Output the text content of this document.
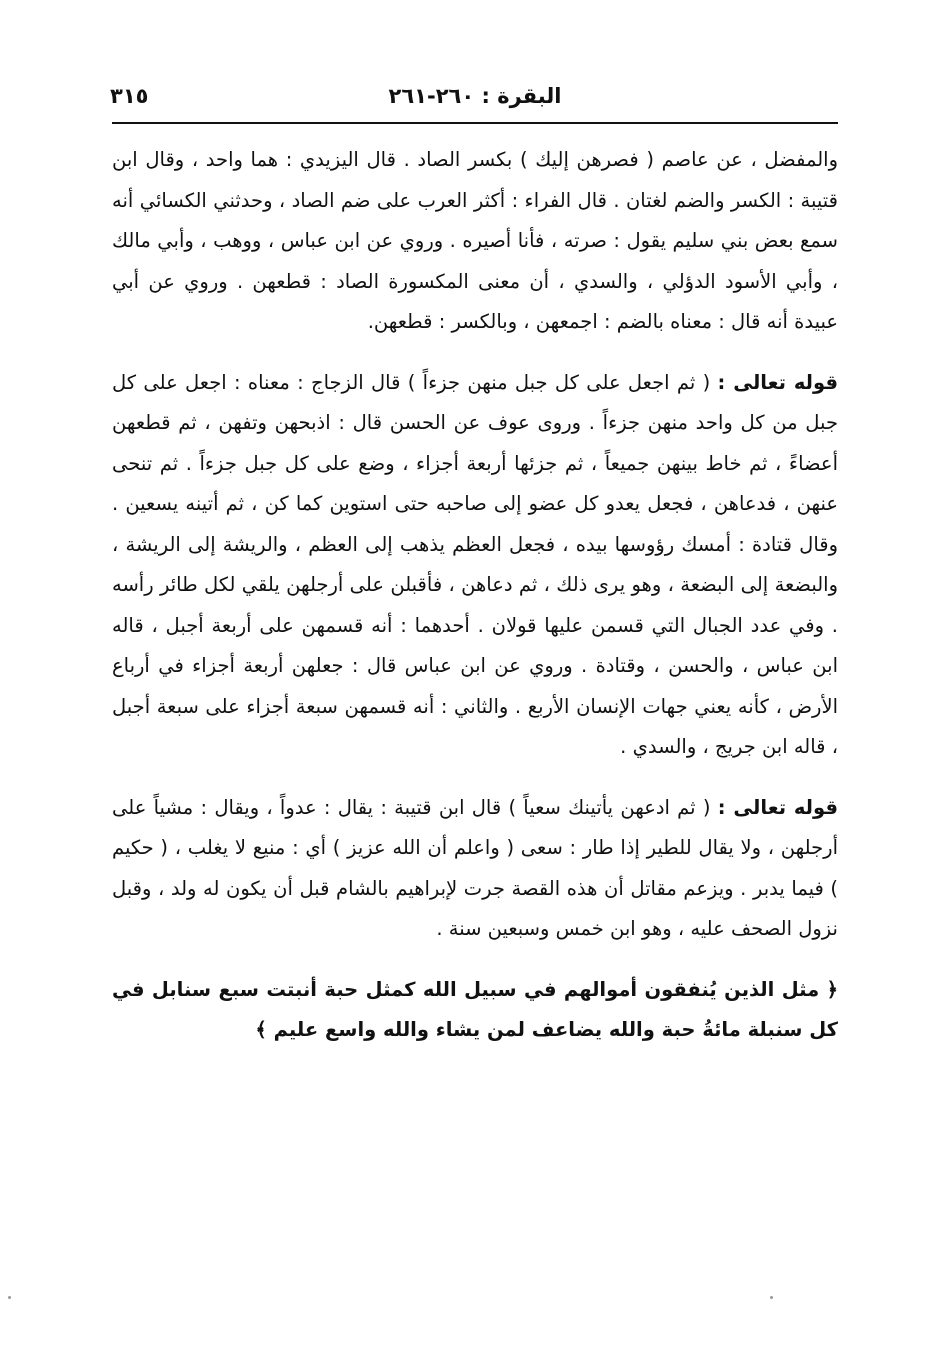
البقرة : ٢٦٠-٢٦١
٣١٥

والمفضل ، عن عاصم ( فصرهن إليك ) بكسر الصاد . قال اليزيدي : هما واحد ، وقال ابن قتيبة : الكسر والضم لغتان . قال الفراء : أكثر العرب على ضم الصاد ، وحدثني الكسائي أنه سمع بعض بني سليم يقول : صرته ، فأنا أصيره . وروي عن ابن عباس ، ووهب ، وأبي مالك ، وأبي الأسود الدؤلي ، والسدي ، أن معنى المكسورة الصاد : قطعهن . وروي عن أبي عبيدة أنه قال : معناه بالضم : اجمعهن ، وبالكسر : قطعهن.

قوله تعالى : ( ثم اجعل على كل جبل منهن جزءاً ) قال الزجاج : معناه : اجعل على كل جبل من كل واحد منهن جزءاً . وروى عوف عن الحسن قال : اذبحهن وتفهن ، ثم قطعهن أعضاءً ، ثم خاط بينهن جميعاً ، ثم جزئها أربعة أجزاء ، وضع على كل جبل جزءاً . ثم تنحى عنهن ، فدعاهن ، فجعل يعدو كل عضو إلى صاحبه حتى استوين كما كن ، ثم أتينه يسعين . وقال قتادة : أمسك رؤوسها بيده ، فجعل العظم يذهب إلى العظم ، والريشة إلى الريشة ، والبضعة إلى البضعة ، وهو يرى ذلك ، ثم دعاهن ، فأقبلن على أرجلهن يلقي لكل طائر رأسه . وفي عدد الجبال التي قسمن عليها قولان . أحدهما : أنه قسمهن على أربعة أجبل ، قاله ابن عباس ، والحسن ، وقتادة . وروي عن ابن عباس قال : جعلهن أربعة أجزاء في أرباع الأرض ، كأنه يعني جهات الإنسان الأربع . والثاني : أنه قسمهن سبعة أجزاء على سبعة أجبل ، قاله ابن جريج ، والسدي .

قوله تعالى : ( ثم ادعهن يأتينك سعياً ) قال ابن قتيبة : يقال : عدواً ، ويقال : مشياً على أرجلهن ، ولا يقال للطير إذا طار : سعى ( واعلم أن الله عزيز ) أي : منيع لا يغلب ، ( حكيم ) فيما يدبر . ويزعم مقاتل أن هذه القصة جرت لإبراهيم بالشام قبل أن يكون له ولد ، وقبل نزول الصحف عليه ، وهو ابن خمس وسبعين سنة .

﴿ مثل الذين يُنفقون أموالهم في سبيل الله كمثل حبة أنبتت سبع سنابل في كل سنبلة مائةُ حبة والله يضاعف لمن يشاء والله واسع عليم ﴾
